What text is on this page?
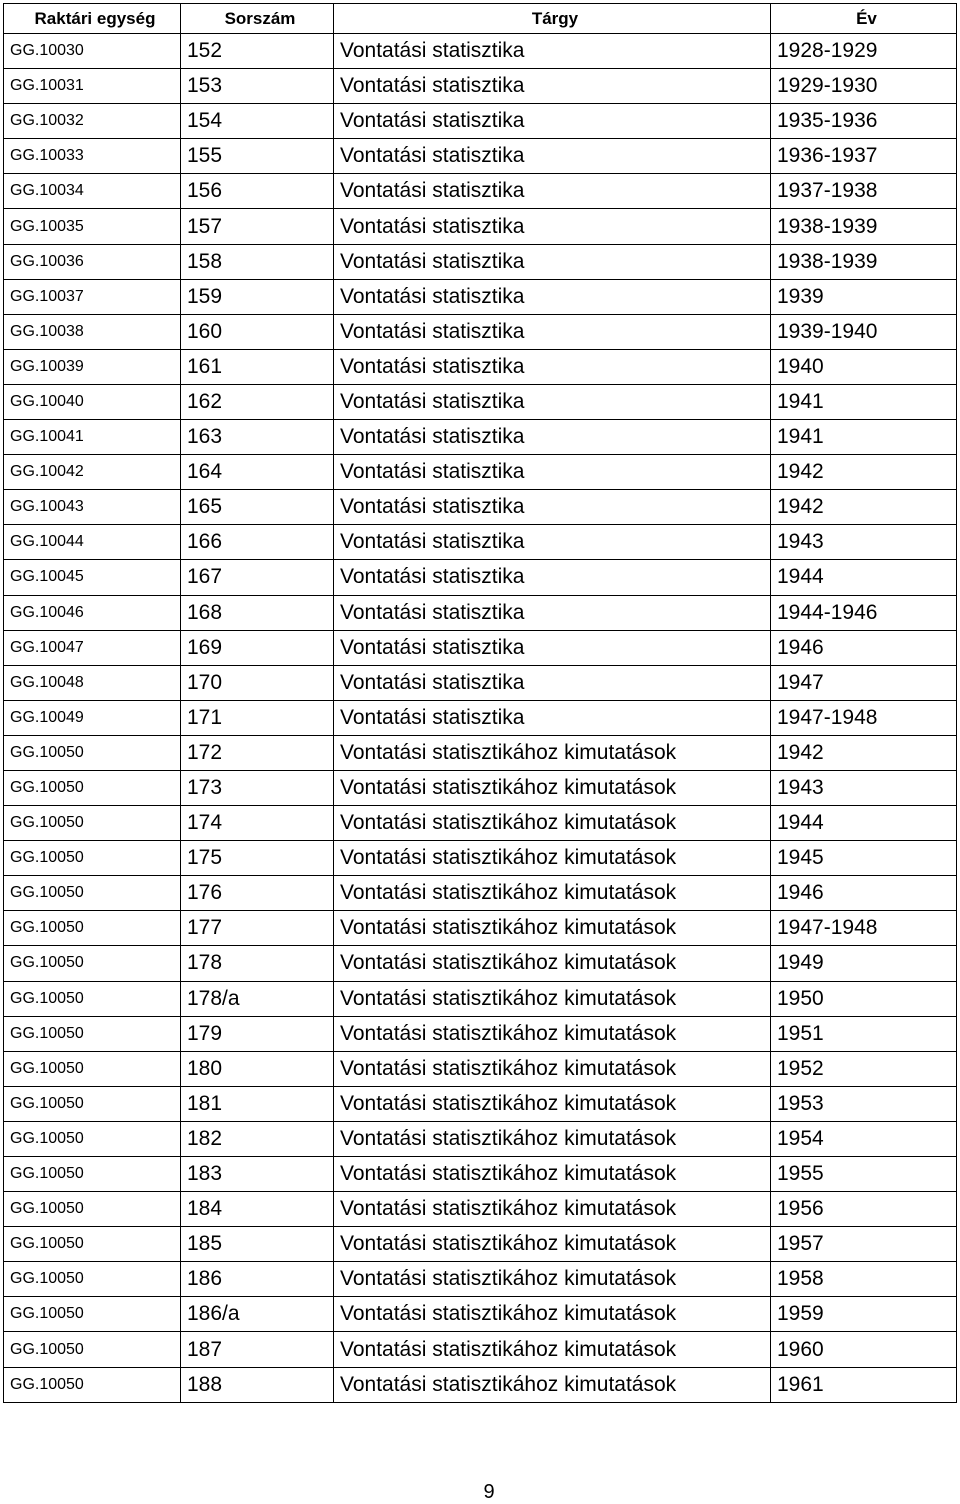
Raktári egység	Sorszám	Tárgy	Év
GG.10030	152	Vontatási statisztika	1928-1929
GG.10031	153	Vontatási statisztika	1929-1930
GG.10032	154	Vontatási statisztika	1935-1936
GG.10033	155	Vontatási statisztika	1936-1937
GG.10034	156	Vontatási statisztika	1937-1938
GG.10035	157	Vontatási statisztika	1938-1939
GG.10036	158	Vontatási statisztika	1938-1939
GG.10037	159	Vontatási statisztika	1939
GG.10038	160	Vontatási statisztika	1939-1940
GG.10039	161	Vontatási statisztika	1940
GG.10040	162	Vontatási statisztika	1941
GG.10041	163	Vontatási statisztika	1941
GG.10042	164	Vontatási statisztika	1942
GG.10043	165	Vontatási statisztika	1942
GG.10044	166	Vontatási statisztika	1943
GG.10045	167	Vontatási statisztika	1944
GG.10046	168	Vontatási statisztika	1944-1946
GG.10047	169	Vontatási statisztika	1946
GG.10048	170	Vontatási statisztika	1947
GG.10049	171	Vontatási statisztika	1947-1948
GG.10050	172	Vontatási statisztikához kimutatások	1942
GG.10050	173	Vontatási statisztikához kimutatások	1943
GG.10050	174	Vontatási statisztikához kimutatások	1944
GG.10050	175	Vontatási statisztikához kimutatások	1945
GG.10050	176	Vontatási statisztikához kimutatások	1946
GG.10050	177	Vontatási statisztikához kimutatások	1947-1948
GG.10050	178	Vontatási statisztikához kimutatások	1949
GG.10050	178/a	Vontatási statisztikához kimutatások	1950
GG.10050	179	Vontatási statisztikához kimutatások	1951
GG.10050	180	Vontatási statisztikához kimutatások	1952
GG.10050	181	Vontatási statisztikához kimutatások	1953
GG.10050	182	Vontatási statisztikához kimutatások	1954
GG.10050	183	Vontatási statisztikához kimutatások	1955
GG.10050	184	Vontatási statisztikához kimutatások	1956
GG.10050	185	Vontatási statisztikához kimutatások	1957
GG.10050	186	Vontatási statisztikához kimutatások	1958
GG.10050	186/a	Vontatási statisztikához kimutatások	1959
GG.10050	187	Vontatási statisztikához kimutatások	1960
GG.10050	188	Vontatási statisztikához kimutatások	1961
9
